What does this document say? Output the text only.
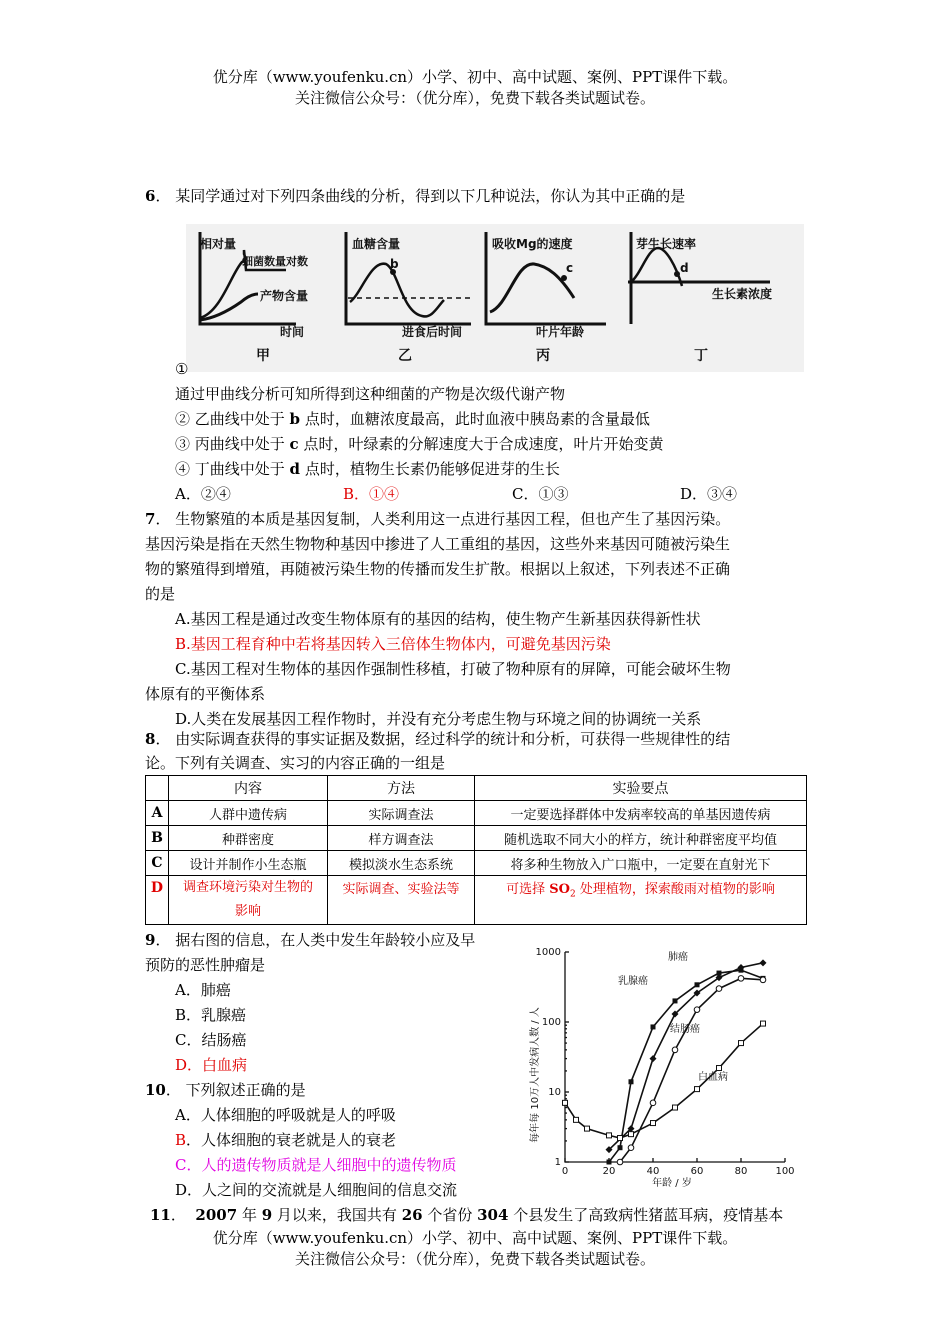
优分库（www.youfenku.cn）小学、初中、高中试题、案例、PPT课件下载。
关注微信公众号：（优分库），免费下载各类试题试卷。
6． 某同学通过对下列四条曲线的分析，得到以下几种说法，你认为其中正确的是
相对量
细菌数量对数
产物含量
时间
甲
血糖含量
b
进食后时间
乙
吸收Mg的速度
c
叶片年龄
丙
芽生长速率
d
生长素浓度
丁
①
通过甲曲线分析可知所得到这种细菌的产物是次级代谢产物
② 乙曲线中处于 b 点时，血糖浓度最高，此时血液中胰岛素的含量最低
③ 丙曲线中处于 c 点时，叶绿素的分解速度大于合成速度，叶片开始变黄
④ 丁曲线中处于 d 点时，植物生长素仍能够促进芽的生长
A．②④	B．①④	C．①③	D．③④
7． 生物繁殖的本质是基因复制，人类利用这一点进行基因工程，但也产生了基因污染。
基因污染是指在天然生物物种基因中掺进了人工重组的基因，这些外来基因可随被污染生
物的繁殖得到增殖，再随被污染生物的传播而发生扩散。根据以上叙述，下列表述不正确
的是
A.基因工程是通过改变生物体原有的基因的结构，使生物产生新基因获得新性状
B.基因工程育种中若将基因转入三倍体生物体内，可避免基因污染
C.基因工程对生物体的基因作强制性移植，打破了物种原有的屏障，可能会破坏生物
体原有的平衡体系
D.人类在发展基因工程作物时，并没有充分考虑生物与环境之间的协调统一关系
8． 由实际调查获得的事实证据及数据，经过科学的统计和分析，可获得一些规律性的结
论。下列有关调查、实习的内容正确的一组是
	内容	方法	实验要点
A	人群中遗传病	实际调查法	一定要选择群体中发病率较高的单基因遗传病
B	种群密度	样方调查法	随机选取不同大小的样方，统计种群密度平均值
C	设计并制作小生态瓶	模拟淡水生态系统	将多种生物放入广口瓶中，一定要在直射光下
D	调查环境污染对生物的影响	实际调查、实验法等	可选择 $SO_2$ 处理植物，探索酸雨对植物的影响
9． 据右图的信息，在人类中发生年龄较小应及早
预防的恶性肿瘤是
A．肺癌
B．乳腺癌
C．结肠癌
D．白血病
1
10
100
1000
0	20	40	60	80	100
肺癌
乳腺癌
结肠癌
白血病
每年每 10万人中发病人数 / 人
年龄 / 岁
10． 下列叙述正确的是
A．人体细胞的呼吸就是人的呼吸
B．人体细胞的衰老就是人的衰老
C．人的遗传物质就是人细胞中的遗传物质
D．人之间的交流就是人细胞间的信息交流
11．  2007 年 9 月以来，我国共有 26 个省份 304 个县发生了高致病性猪蓝耳病，疫情基本
优分库（www.youfenku.cn）小学、初中、高中试题、案例、PPT课件下载。
关注微信公众号：（优分库），免费下载各类试题试卷。
